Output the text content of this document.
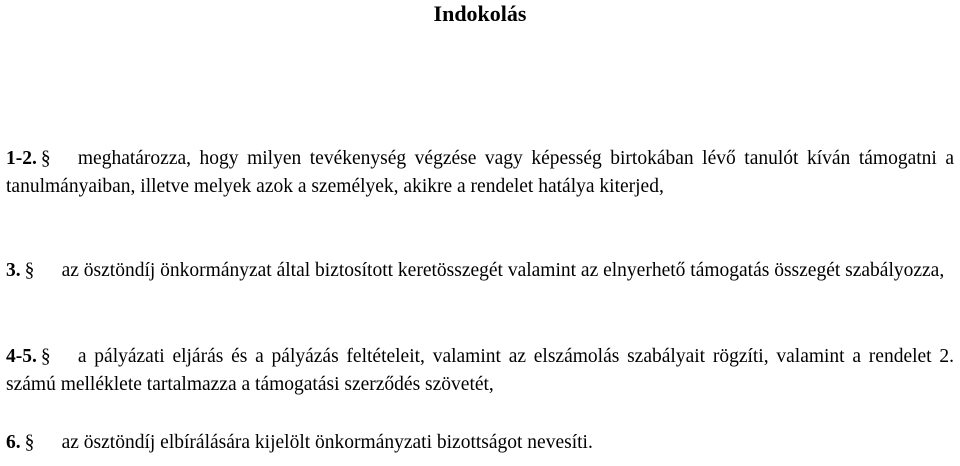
Indokolás
1-2. § meghatározza, hogy milyen tevékenység végzése vagy képesség birtokában lévő tanulót kíván támogatni a tanulmányaiban, illetve melyek azok a személyek, akikre a rendelet hatálya kiterjed,
3. § az ösztöndíj önkormányzat által biztosított keretösszegét valamint az elnyerhető támogatás összegét szabályozza,
4-5. § a pályázati eljárás és a pályázás feltételeit, valamint az elszámolás szabályait rögzíti, valamint a rendelet 2. számú melléklete tartalmazza a támogatási szerződés szövetét,
6. § az ösztöndíj elbírálására kijelölt önkormányzati bizottságot nevesíti.
